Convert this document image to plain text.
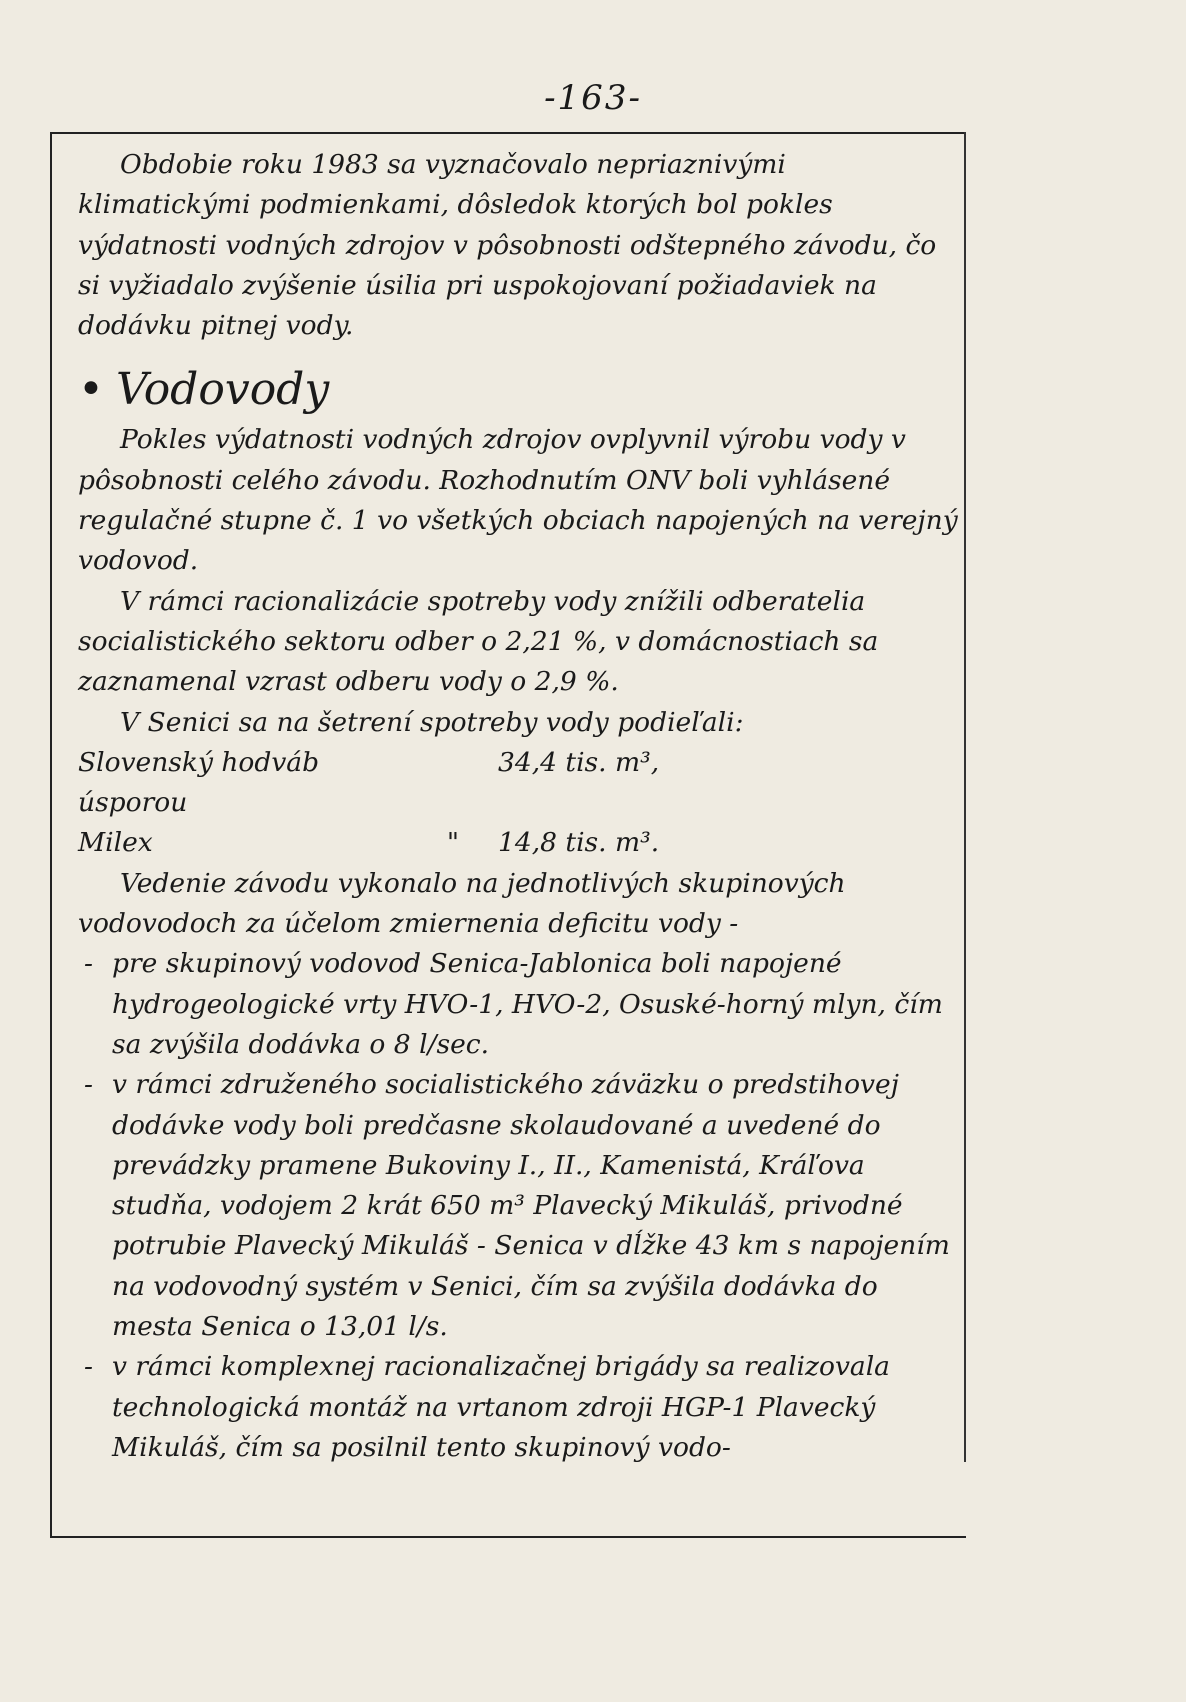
-163-

Obdobie roku 1983 sa vyznačovalo nepriaznivými klimatickými podmienkami, dôsledok ktorých bol pokles výdatnosti vodných zdrojov v pôsobnosti odštepného závodu, čo si vyžiadalo zvýšenie úsilia pri uspokojovaní požiadaviek na dodávku pitnej vody.

• Vodovody

Pokles výdatnosti vodných zdrojov ovplyvnil výrobu vody v pôsobnosti celého závodu. Rozhodnutím ONV boli vyhlásené regulačné stupne č. 1 vo všetkých obciach napojených na verejný vodovod.

V rámci racionalizácie spotreby vody znížili odberatelia socialistického sektoru odber o 2,21 %, v domácnostiach sa zaznamenal vzrast odberu vody o 2,9 %.

V Senici sa na šetrení spotreby vody podieľali:

Slovenský hodváb úsporou
34,4 tis. m³,
Milex	"	14,8 tis. m³.

Vedenie závodu vykonalo na jednotlivých skupinových vodovodoch za účelom zmiernenia deficitu vody -

- pre skupinový vodovod Senica-Jablonica boli napojené hydrogeologické vrty HVO-1, HVO-2, Osuské-horný mlyn, čím sa zvýšila dodávka o 8 l/sec.
- v rámci združeného socialistického záväzku o predstihovej dodávke vody boli predčasne skolaudované a uvedené do prevádzky pramene Bukoviny I., II., Kamenistá, Kráľova studňa, vodojem 2 krát 650 m³ Plavecký Mikuláš, privodné potrubie Plavecký Mikuláš - Senica v dĺžke 43 km s napojením na vodovodný systém v Senici, čím sa zvýšila dodávka do mesta Senica o 13,01 l/s.
- v rámci komplexnej racionalizačnej brigády sa realizovala technologická montáž na vrtanom zdroji HGP-1 Plavecký Mikuláš, čím sa posilnil tento skupinový vodo-
